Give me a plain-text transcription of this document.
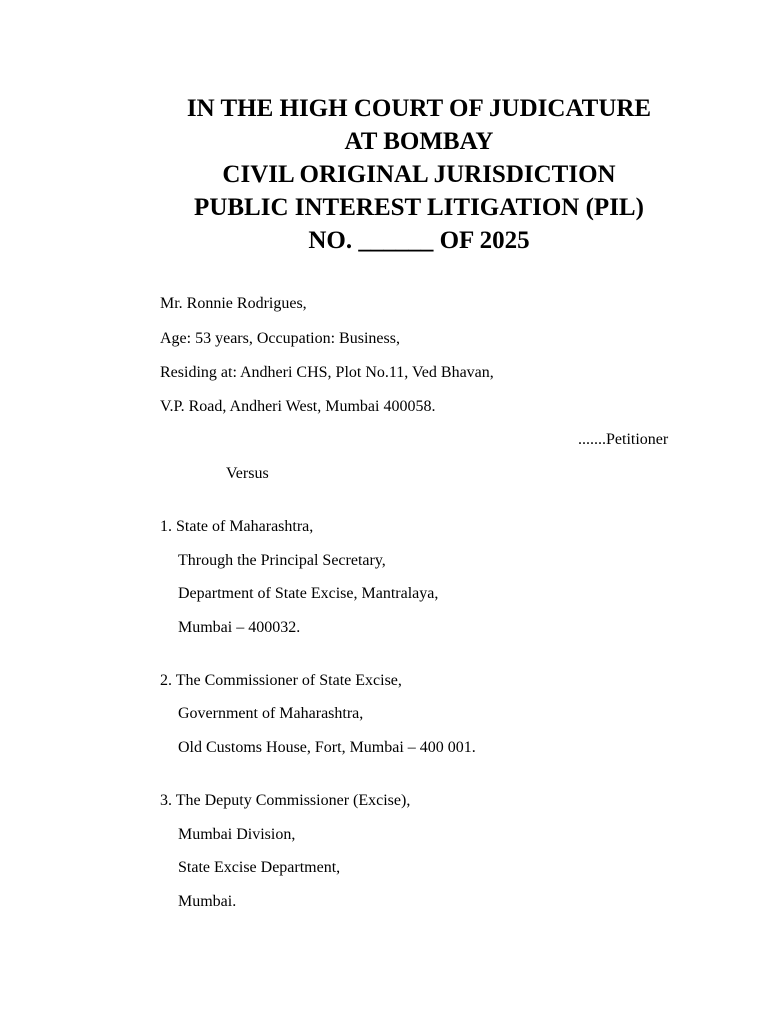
IN THE HIGH COURT OF JUDICATURE
AT BOMBAY
CIVIL ORIGINAL JURISDICTION
PUBLIC INTEREST LITIGATION (PIL)
NO. ______ OF 2025
Mr. Ronnie Rodrigues,
Age: 53 years, Occupation: Business,
Residing at: Andheri CHS, Plot No.11, Ved Bhavan,
V.P. Road, Andheri West, Mumbai 400058.
.......Petitioner
Versus
1. State of Maharashtra,
Through the Principal Secretary,
Department of State Excise, Mantralaya,
Mumbai – 400032.
2. The Commissioner of State Excise,
Government of Maharashtra,
Old Customs House, Fort, Mumbai – 400 001.
3. The Deputy Commissioner (Excise),
Mumbai Division,
State Excise Department,
Mumbai.
